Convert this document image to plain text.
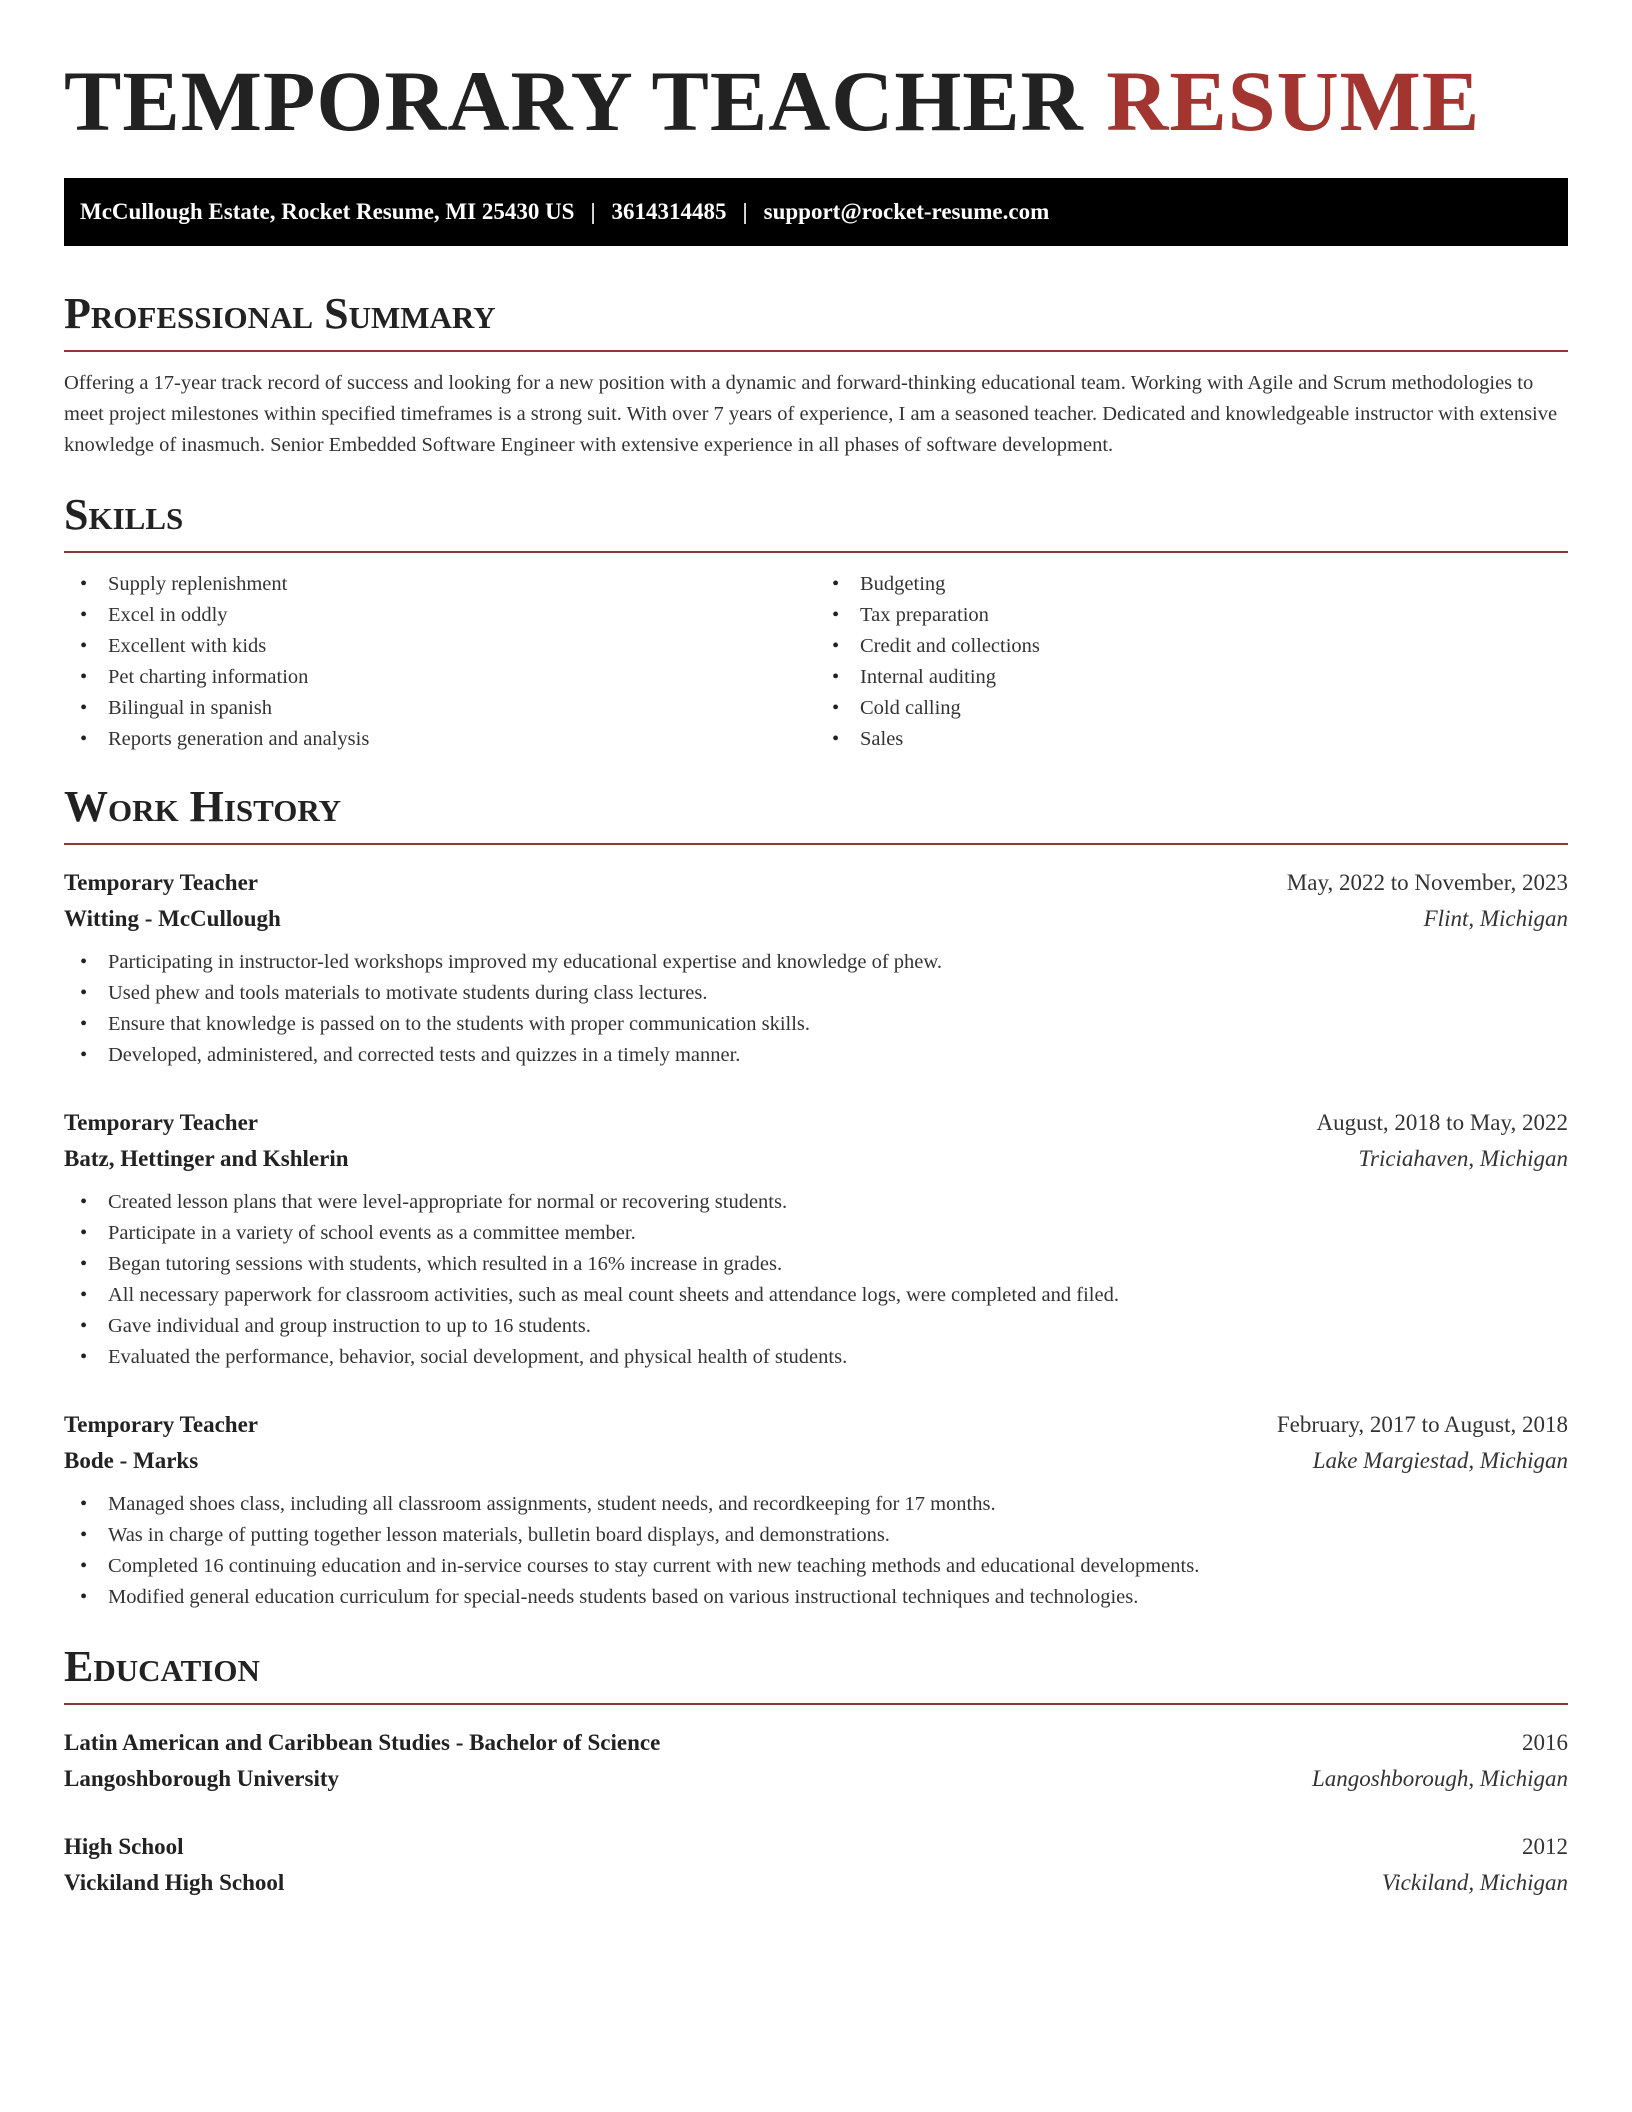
TEMPORARY TEACHER RESUME
McCullough Estate, Rocket Resume, MI 25430 US | 3614314485 | support@rocket-resume.com
Professional Summary

Offering a 17-year track record of success and looking for a new position with a dynamic and forward-thinking educational team. Working with Agile and Scrum methodologies to meet project milestones within specified timeframes is a strong suit. With over 7 years of experience, I am a seasoned teacher. Dedicated and knowledgeable instructor with extensive knowledge of inasmuch. Senior Embedded Software Engineer with extensive experience in all phases of software development.

Skills
• Supply replenishment
• Excel in oddly
• Excellent with kids
• Pet charting information
• Bilingual in spanish
• Reports generation and analysis
• Budgeting
• Tax preparation
• Credit and collections
• Internal auditing
• Cold calling
• Sales
Work History
Temporary Teacher	May, 2022 to November, 2023
Witting - McCullough	Flint, Michigan
• Participating in instructor-led workshops improved my educational expertise and knowledge of phew.
• Used phew and tools materials to motivate students during class lectures.
• Ensure that knowledge is passed on to the students with proper communication skills.
• Developed, administered, and corrected tests and quizzes in a timely manner.
Temporary Teacher	August, 2018 to May, 2022
Batz, Hettinger and Kshlerin	Triciahaven, Michigan
• Created lesson plans that were level-appropriate for normal or recovering students.
• Participate in a variety of school events as a committee member.
• Began tutoring sessions with students, which resulted in a 16% increase in grades.
• All necessary paperwork for classroom activities, such as meal count sheets and attendance logs, were completed and filed.
• Gave individual and group instruction to up to 16 students.
• Evaluated the performance, behavior, social development, and physical health of students.
Temporary Teacher	February, 2017 to August, 2018
Bode - Marks	Lake Margiestad, Michigan
• Managed shoes class, including all classroom assignments, student needs, and recordkeeping for 17 months.
• Was in charge of putting together lesson materials, bulletin board displays, and demonstrations.
• Completed 16 continuing education and in-service courses to stay current with new teaching methods and educational developments.
• Modified general education curriculum for special-needs students based on various instructional techniques and technologies.
Education
Latin American and Caribbean Studies - Bachelor of Science	2016
Langoshborough University	Langoshborough, Michigan
High School	2012
Vickiland High School	Vickiland, Michigan
